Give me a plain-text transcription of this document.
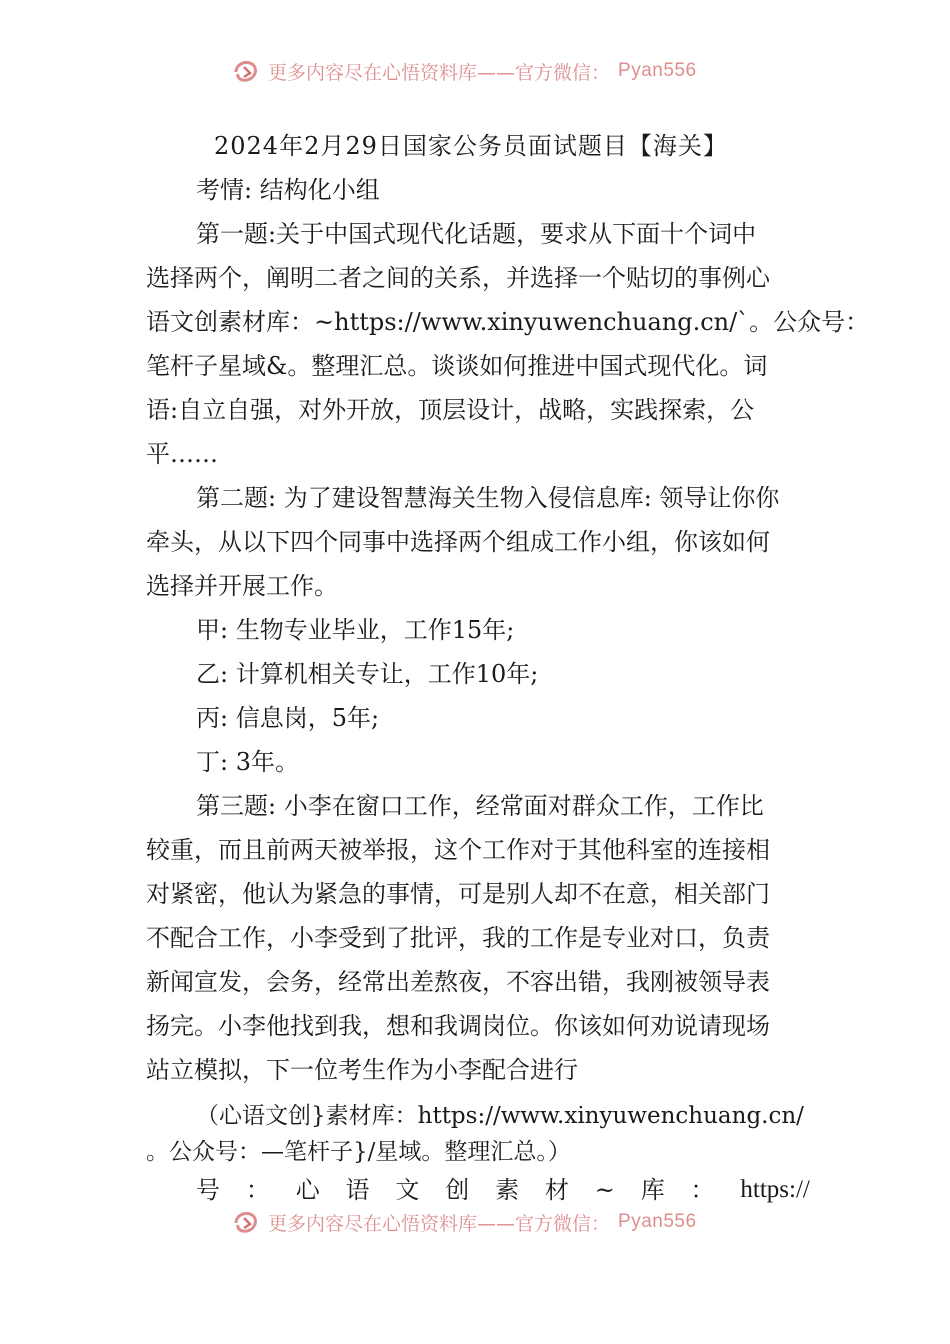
更多内容尽在心悟资料库——官方微信： Pyan556
2024年2月29日国家公务员面试题目【海关】
考情: 结构化小组
第一题:关于中国式现代化话题，要求从下面十个词中
选择两个，阐明二者之间的关系，并选择一个贴切的事例心
语文创素材库：~https://www.xinyuwenchuang.cn/`。公众号：
笔杆子星域&。整理汇总。谈谈如何推进中国式现代化。词
语:自立自强，对外开放，顶层设计，战略，实践探索，公
平……
第二题: 为了建设智慧海关生物入侵信息库: 领导让你你
牵头，从以下四个同事中选择两个组成工作小组，你该如何
选择并开展工作。
甲: 生物专业毕业，工作15年;
乙: 计算机相关专让，工作10年;
丙: 信息岗，5年;
丁: 3年。
第三题: 小李在窗口工作，经常面对群众工作，工作比
较重，而且前两天被举报，这个工作对于其他科室的连接相
对紧密，他认为紧急的事情，可是别人却不在意，相关部门
不配合工作，小李受到了批评，我的工作是专业对口，负责
新闻宣发，会务，经常出差熬夜，不容出错，我刚被领导表
扬完。小李他找到我，想和我调岗位。你该如何劝说请现场
站立模拟，下一位考生作为小李配合进行
（心语文创}素材库：https://www.xinyuwenchuang.cn/
。公众号：—笔杆子}/星域。整理汇总。）
号 ： 心 语 文 创 素 材 ~ 库 ： https://
更多内容尽在心悟资料库——官方微信： Pyan556
